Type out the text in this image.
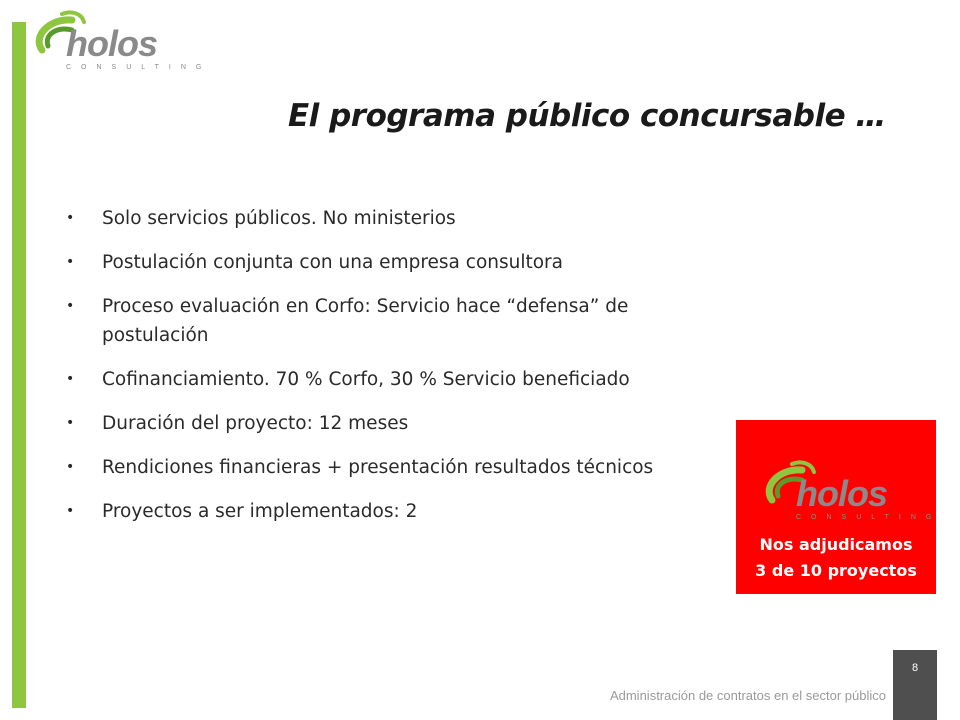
holos
CONSULTING
El programa público concursable …
• Solo servicios públicos. No ministerios
• Postulación conjunta con una empresa consultora
• Proceso evaluación en Corfo: Servicio hace “defensa” de postulación
• Cofinanciamiento. 70 % Corfo, 30 % Servicio beneficiado
• Duración del proyecto: 12 meses
• Rendiciones financieras + presentación resultados técnicos
• Proyectos a ser implementados: 2	holos
CONSULTING
Nos adjudicamos
3 de 10 proyectos
Administración de contratos en el sector público
8
